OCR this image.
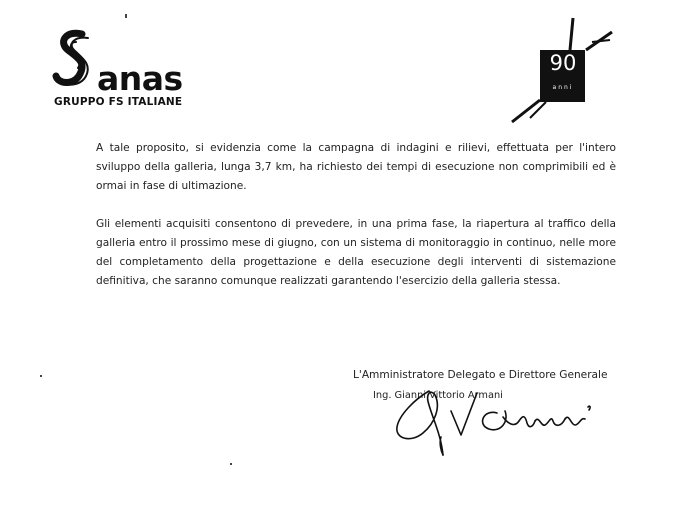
anas
GRUPPO FS ITALIANE
90
anni

A tale proposito, si evidenzia come la campagna di indagini e rilievi, effettuata per l'intero sviluppo della galleria, lunga 3,7 km, ha richiesto dei tempi di esecuzione non comprimibili ed è ormai in fase di ultimazione.

Gli elementi acquisiti consentono di prevedere, in una prima fase, la riapertura al traffico della galleria entro il prossimo mese di giugno, con un sistema di monitoraggio in continuo, nelle more del completamento della progettazione e della esecuzione degli interventi di sistemazione definitiva, che saranno comunque realizzati garantendo l'esercizio della galleria stessa.

L'Amministratore Delegato e Direttore Generale
Ing. Gianni Vittorio Armani
